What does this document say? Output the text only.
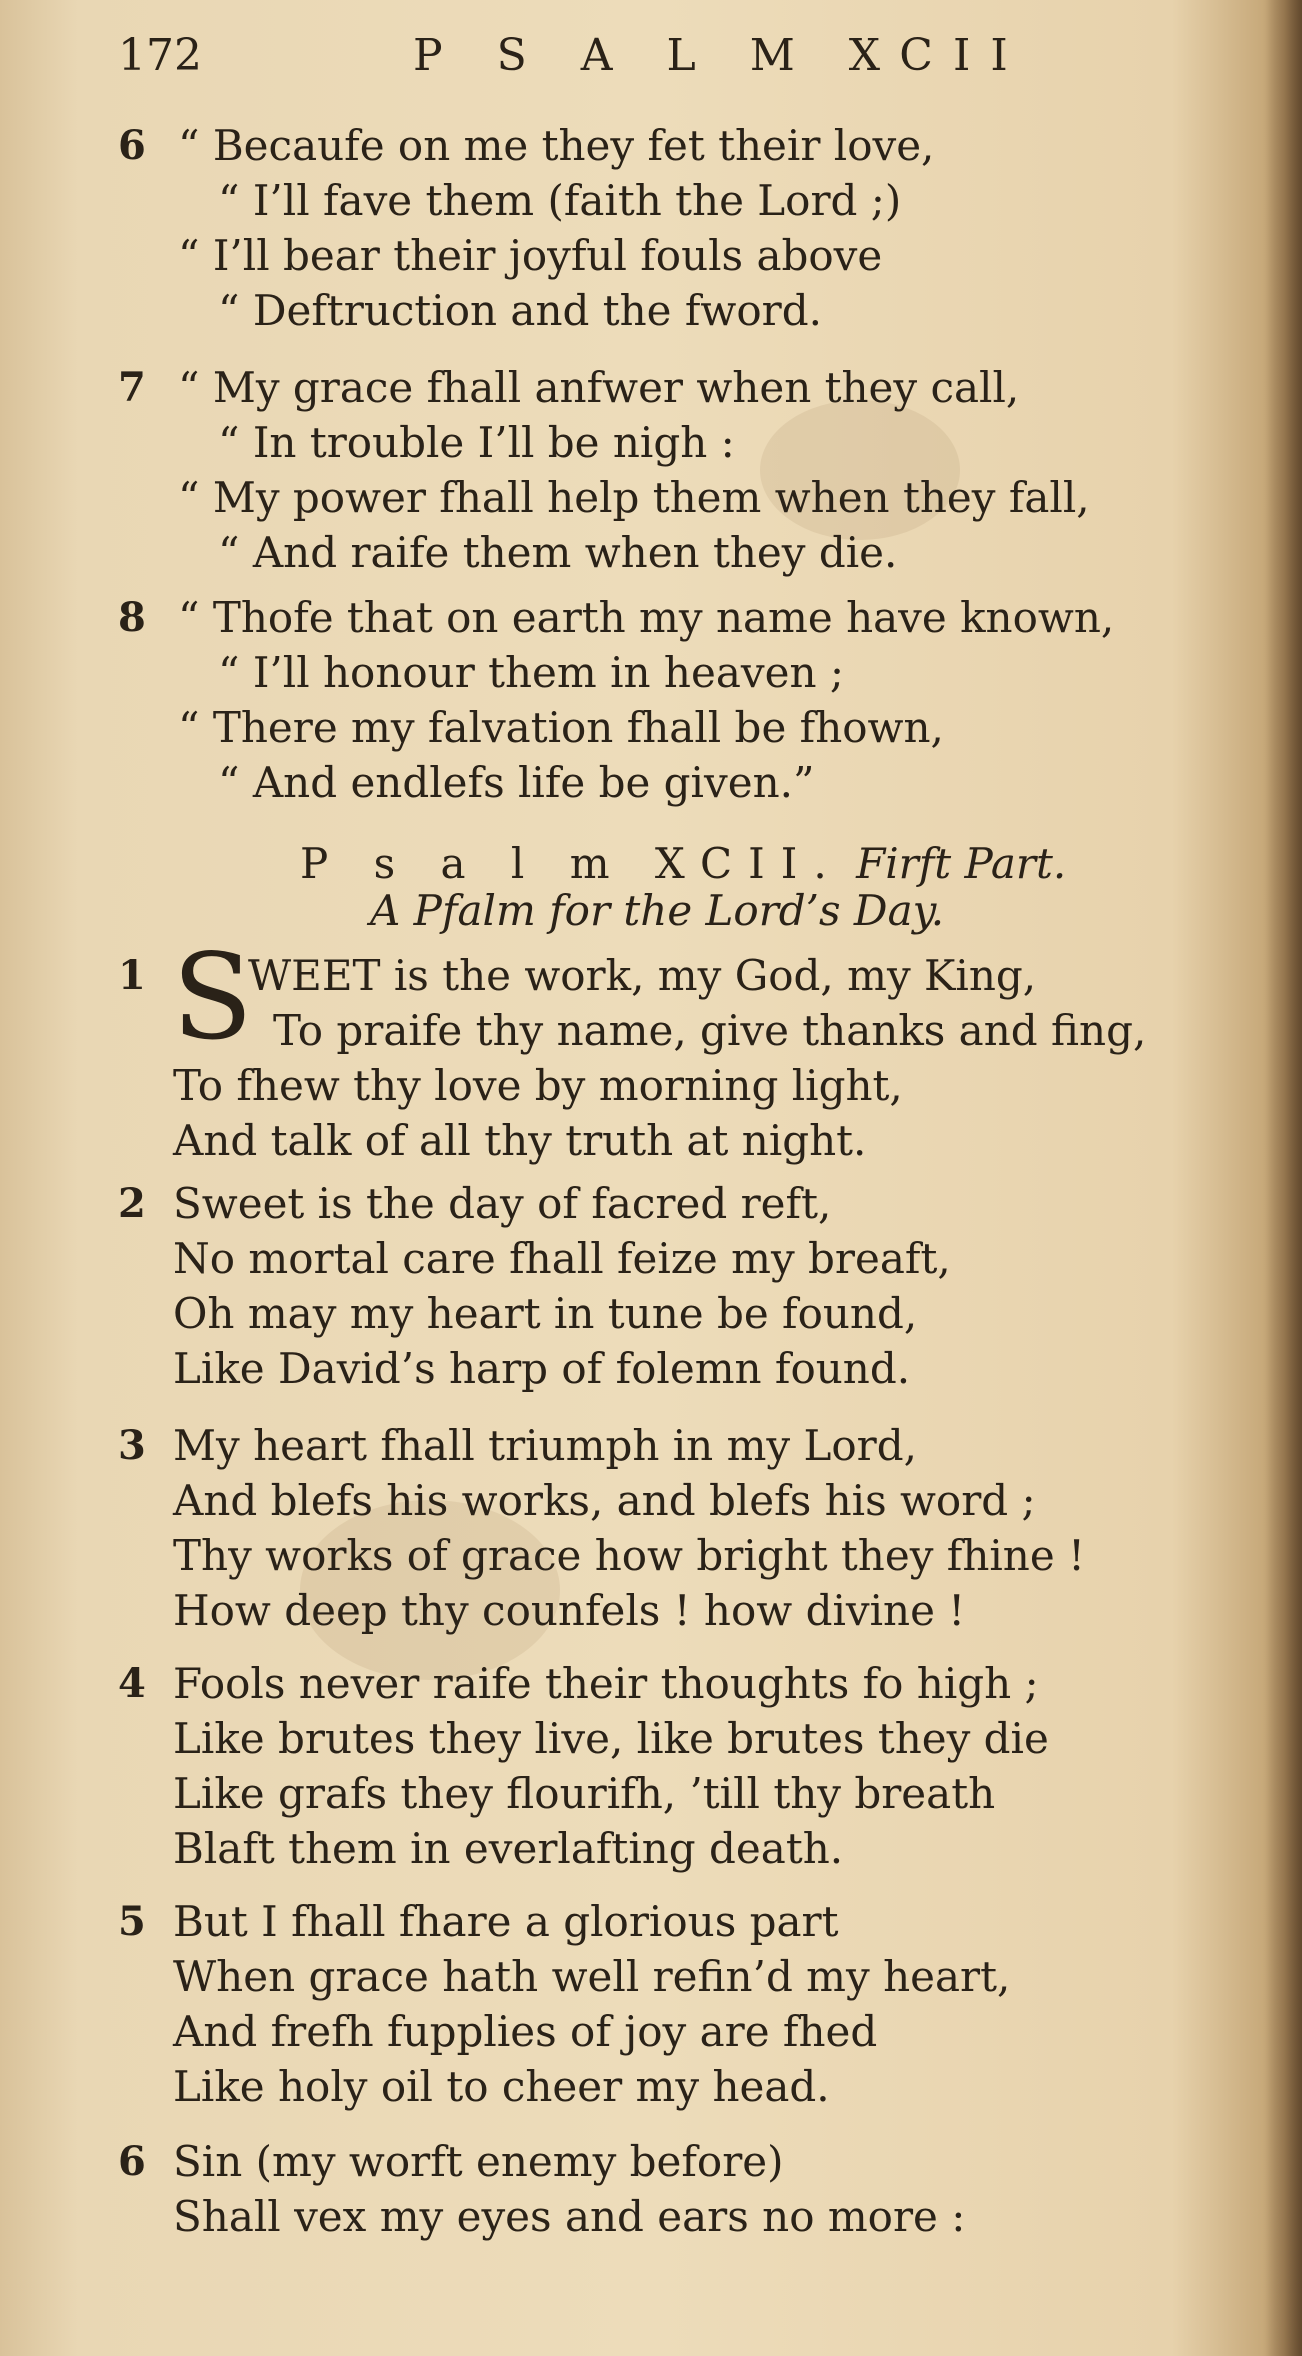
172	P S A L M XCII
6 “ Becaufe on me they fet their love,
“ I’ll fave them (faith the Lord ;)
“ I’ll bear their joyful fouls above
“ Deftruction and the fword.
7 “ My grace fhall anfwer when they call,
“ In trouble I’ll be nigh :
“ My power fhall help them when they fall,
“ And raife them when they die.
8 “ Thofe that on earth my name have known,
“ I’ll honour them in heaven ;
“ There my falvation fhall be fhown,
“ And endlefs life be given.”
P s a l m XCII. Firft Part.
A Pfalm for the Lord’s Day.
S
1 WEET is the work, my God, my King,
To praife thy name, give thanks and fing,
To fhew thy love by morning light,
And talk of all thy truth at night.
2 Sweet is the day of facred reft,
No mortal care fhall feize my breaft,
Oh may my heart in tune be found,
Like David’s harp of folemn found.
3 My heart fhall triumph in my Lord,
And blefs his works, and blefs his word ;
Thy works of grace how bright they fhine !
How deep thy counfels ! how divine !
4 Fools never raife their thoughts fo high ;
Like brutes they live, like brutes they die
Like grafs they flourifh, ’till thy breath
Blaft them in everlafting death.
5 But I fhall fhare a glorious part
When grace hath well refin’d my heart,
And frefh fupplies of joy are fhed
Like holy oil to cheer my head.
6 Sin (my worft enemy before)
Shall vex my eyes and ears no more :
